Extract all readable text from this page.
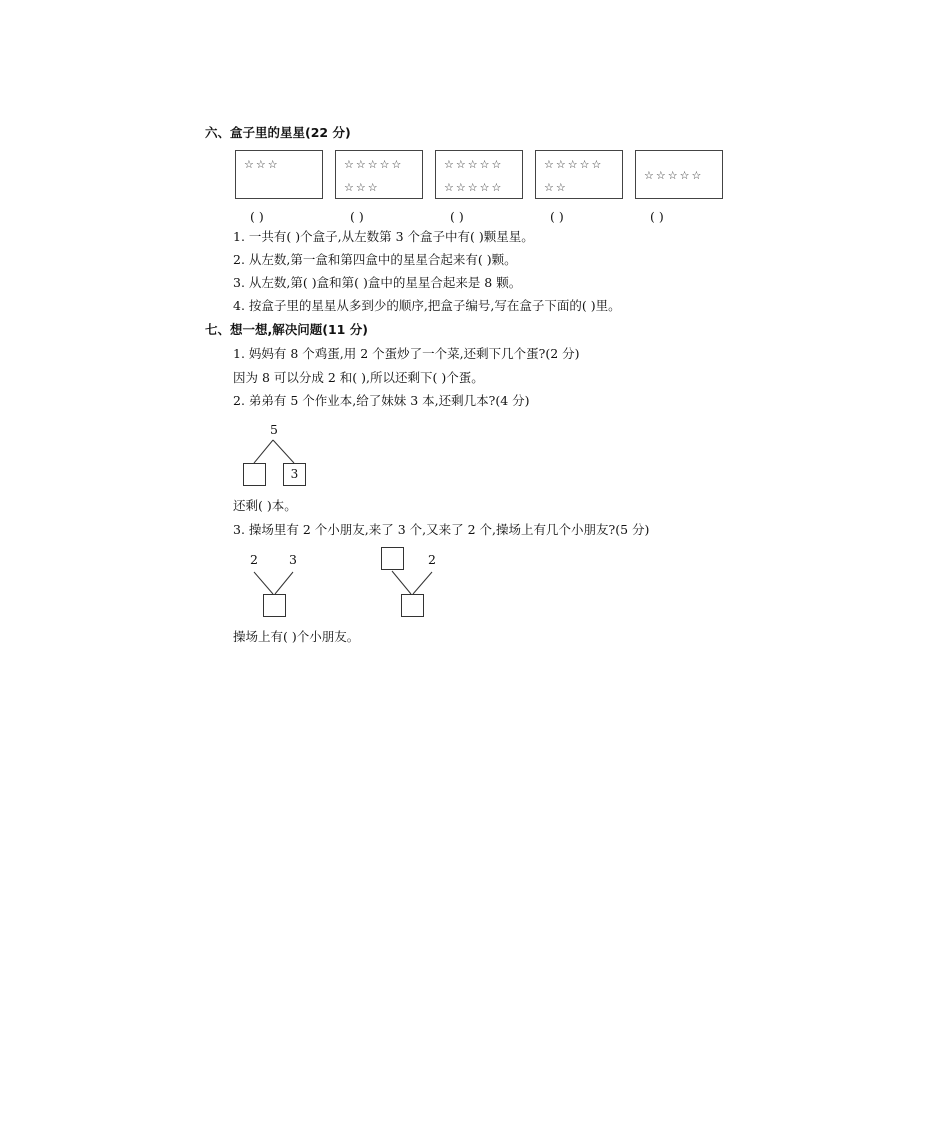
六、盒子里的星星(22 分)
☆☆☆	☆☆☆☆☆
☆☆☆
☆☆☆☆☆
☆☆☆☆☆
☆☆☆☆☆
☆☆
☆☆☆☆☆
( )	( )	( )	( )	( )
1. 一共有( )个盒子,从左数第 3 个盒子中有( )颗星星。
2. 从左数,第一盒和第四盒中的星星合起来有( )颗。
3. 从左数,第( )盒和第( )盒中的星星合起来是 8 颗。
4. 按盒子里的星星从多到少的顺序,把盒子编号,写在盒子下面的( )里。
七、想一想,解决问题(11 分)
1. 妈妈有 8 个鸡蛋,用 2 个蛋炒了一个菜,还剩下几个蛋?(2 分)
因为 8 可以分成 2 和( ),所以还剩下( )个蛋。
2. 弟弟有 5 个作业本,给了妹妹 3 本,还剩几本?(4 分)
5
3
还剩( )本。
3. 操场里有 2 个小朋友,来了 3 个,又来了 2 个,操场上有几个小朋友?(5 分)
2 3	2
操场上有( )个小朋友。
